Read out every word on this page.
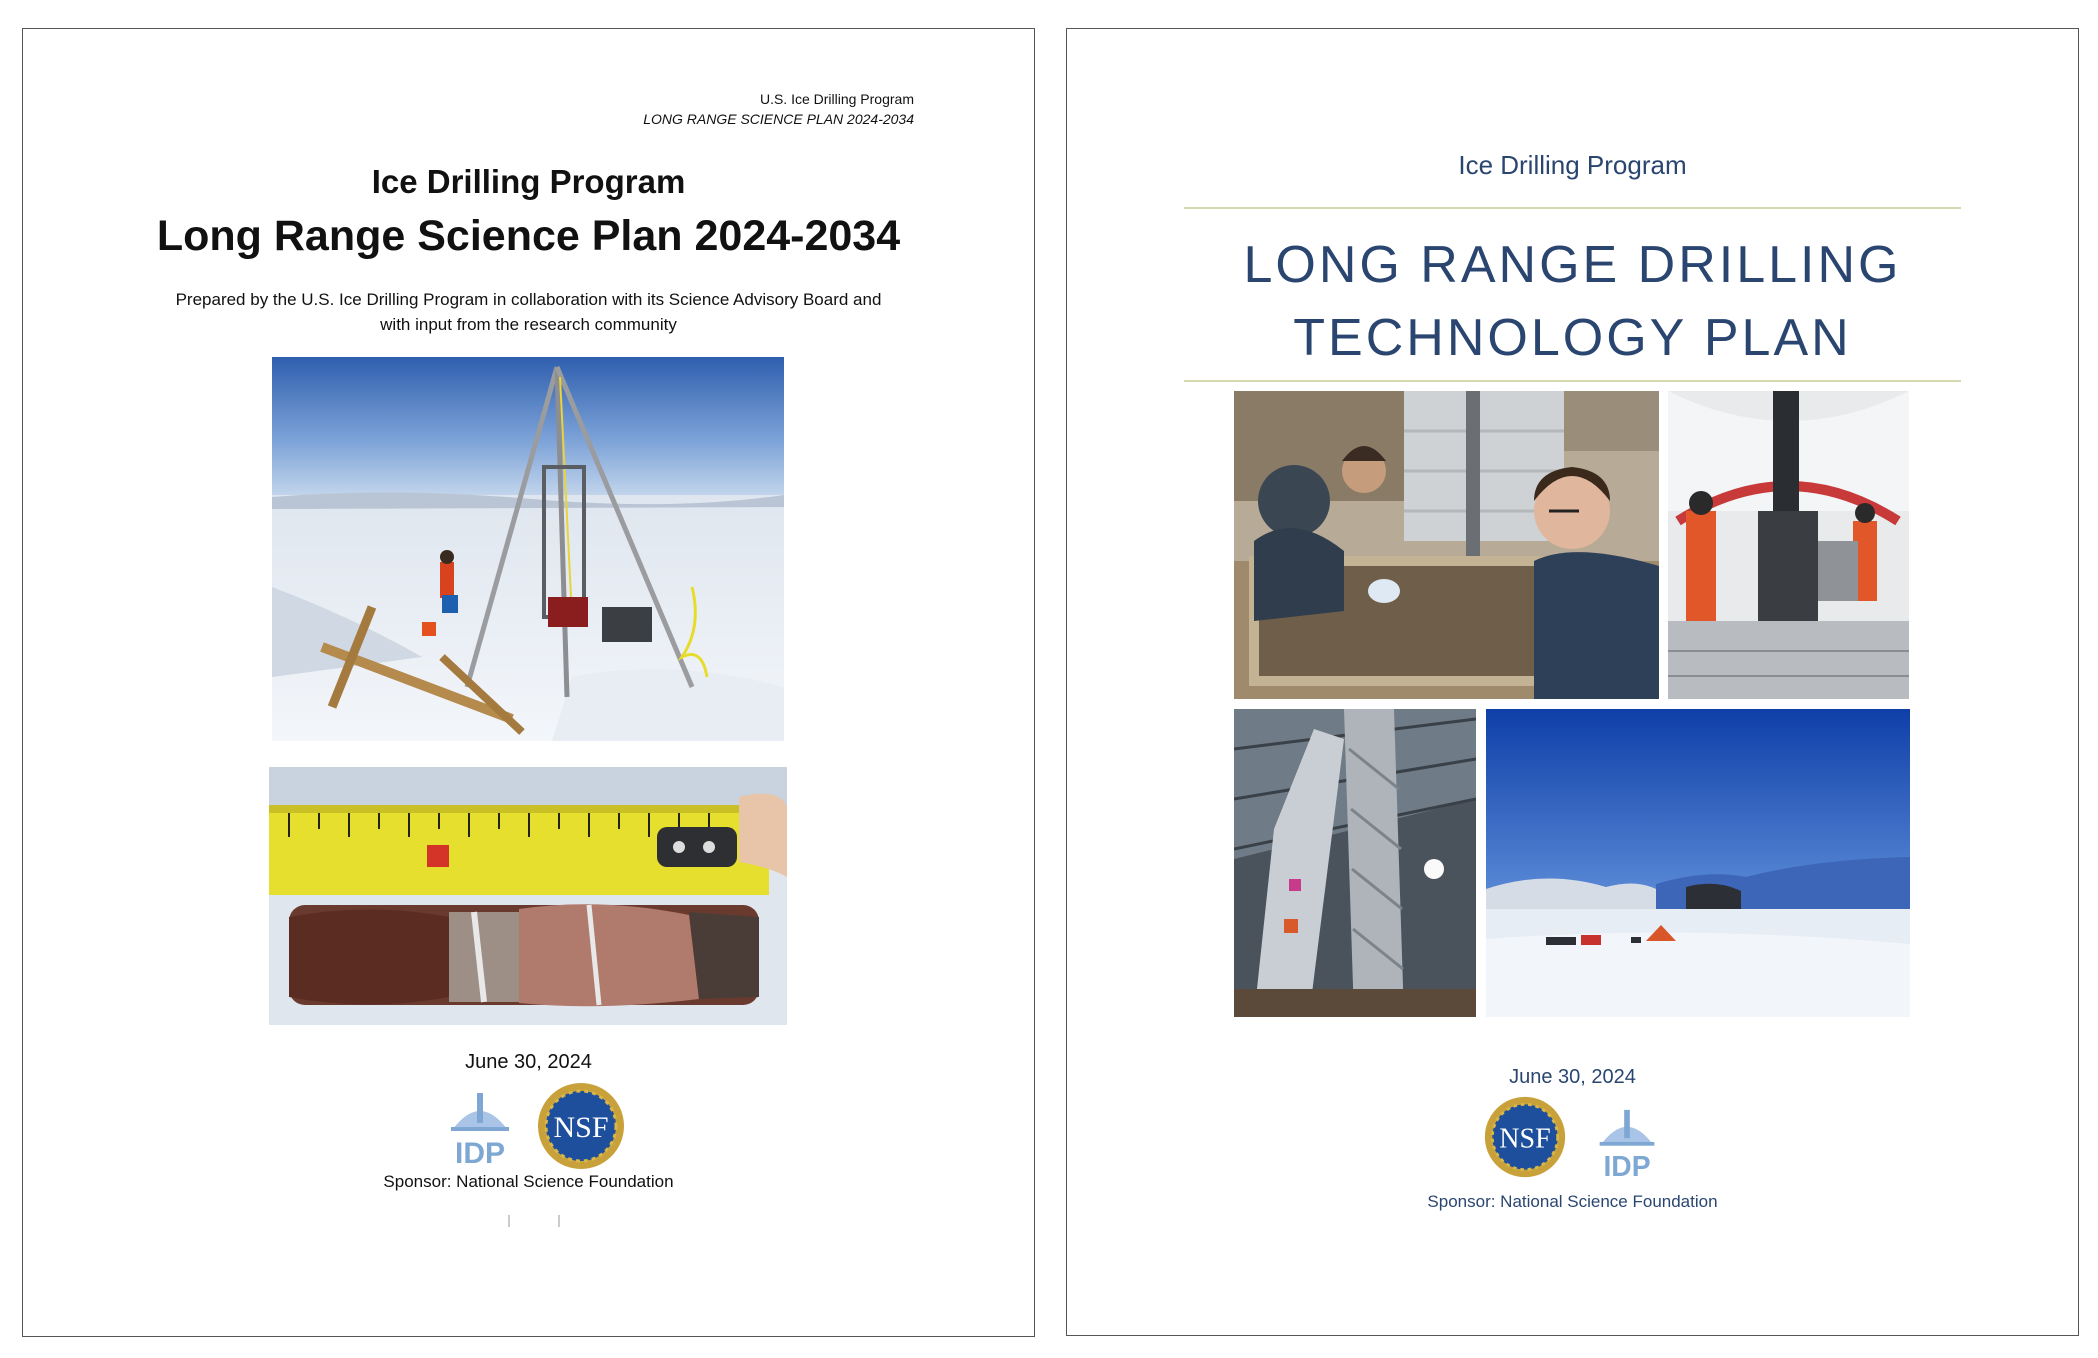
U.S. Ice Drilling Program
LONG RANGE SCIENCE PLAN 2024-2034
Ice Drilling Program
Long Range Science Plan 2024-2034
Prepared by the U.S. Ice Drilling Program in collaboration with its Science Advisory Board and
with input from the research community
June 30, 2024
IDP
NSF
Sponsor: National Science Foundation
Ice Drilling Program
LONG RANGE DRILLING
TECHNOLOGY PLAN
June 30, 2024
NSF
IDP
Sponsor: National Science Foundation
